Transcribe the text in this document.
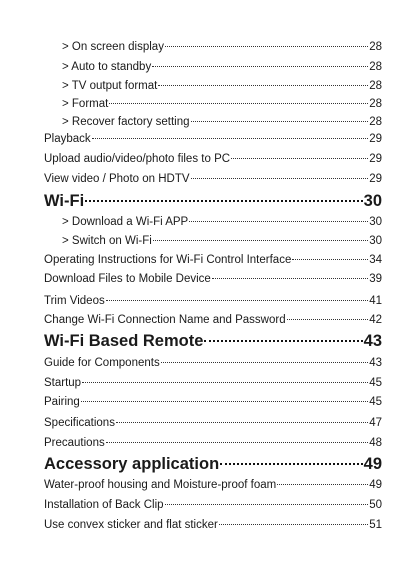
> On screen display	28
> Auto to standby	28
> TV output format	28
> Format	28
> Recover factory setting	28
Playback	29
Upload audio/video/photo files to PC	29
View video / Photo on HDTV	29
Wi-Fi	30
> Download a Wi-Fi APP	30
> Switch on Wi-Fi	30
Operating Instructions for Wi-Fi Control Interface	34
Download Files to Mobile Device	39
Trim Videos	41
Change Wi-Fi Connection Name and Password	42
Wi-Fi Based Remote	43
Guide for Components	43
Startup	45
Pairing	45
Specifications	47
Precautions	48
Accessory application	49
Water-proof housing and Moisture-proof foam	49
Installation of Back Clip	50
Use convex sticker and flat sticker	51
